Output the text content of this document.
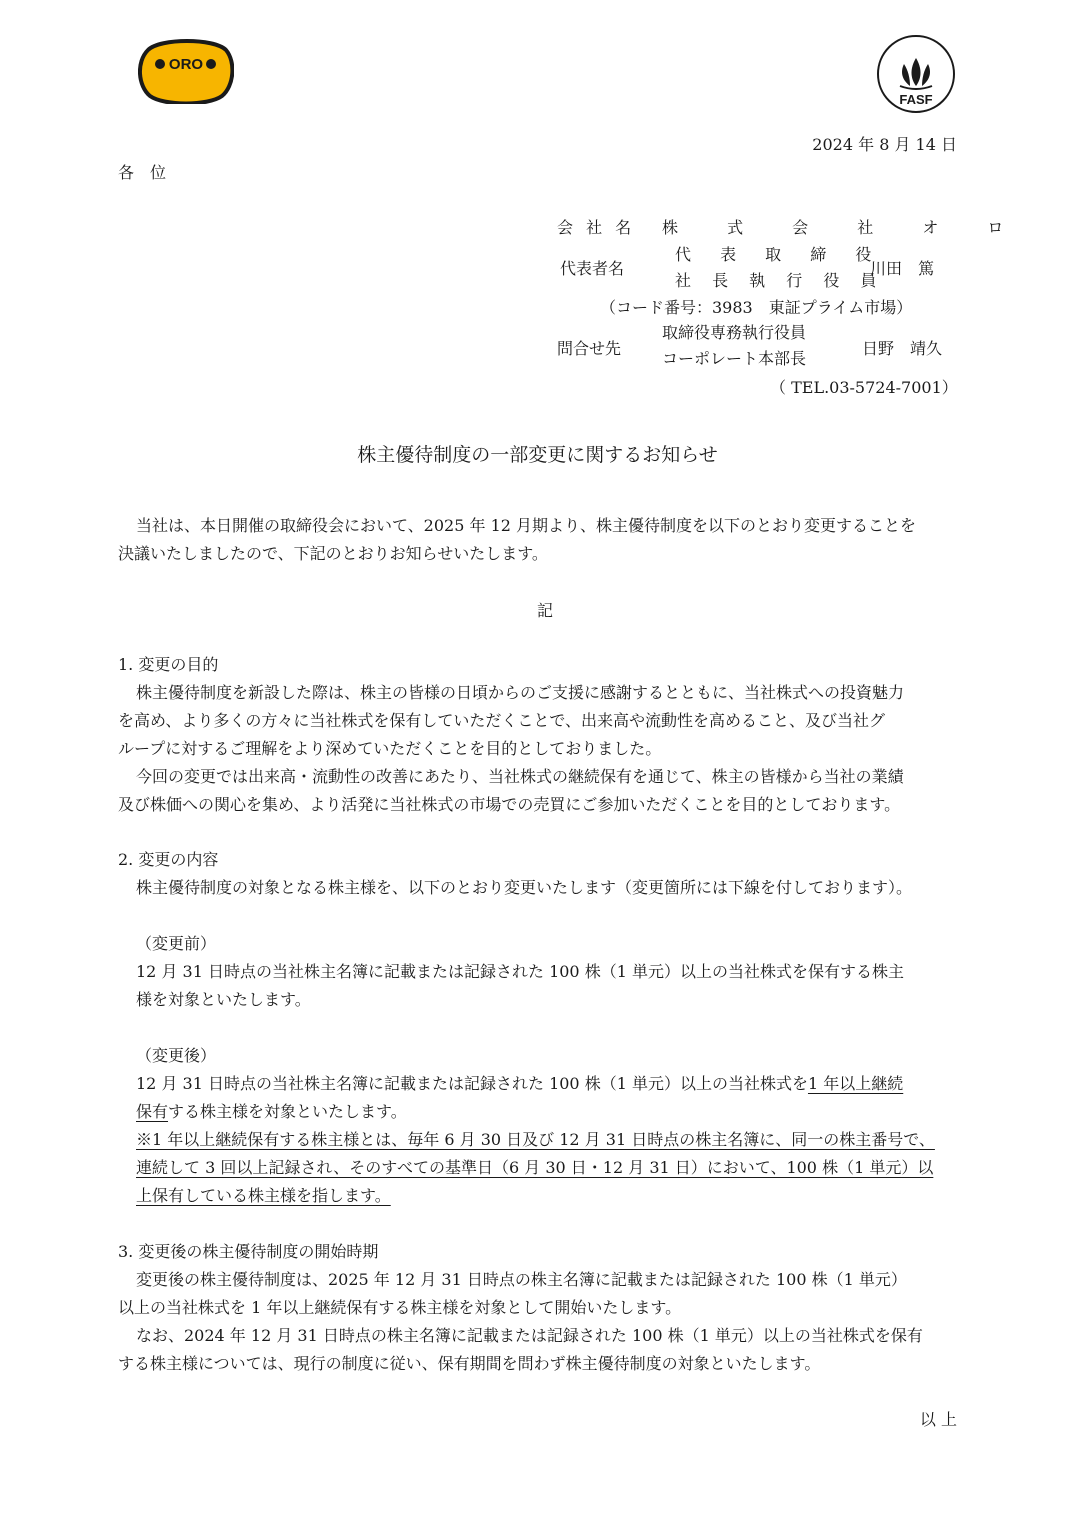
ORO
FASF
2024 年 8 月 14 日
各　位
会 社 名 株 式 会 社 オ ロ
代表者名
代 表 取 締 役
社 長 執 行 役 員
川田　篤
（コード番号：3983　東証プライム市場）
問合せ先
取締役専務執行役員
コーポレート本部長
日野　靖久
（ TEL.03-5724-7001）
株主優待制度の一部変更に関するお知らせ
当社は、本日開催の取締役会において、2025 年 12 月期より、株主優待制度を以下のとおり変更することを
決議いたしましたので、下記のとおりお知らせいたします。
記
1. 変更の目的
株主優待制度を新設した際は、株主の皆様の日頃からのご支援に感謝するとともに、当社株式への投資魅力
を高め、より多くの方々に当社株式を保有していただくことで、出来高や流動性を高めること、及び当社グ
ループに対するご理解をより深めていただくことを目的としておりました。
今回の変更では出来高・流動性の改善にあたり、当社株式の継続保有を通じて、株主の皆様から当社の業績
及び株価への関心を集め、より活発に当社株式の市場での売買にご参加いただくことを目的としております。
2. 変更の内容
株主優待制度の対象となる株主様を、以下のとおり変更いたします（変更箇所には下線を付しております）。
（変更前）
12 月 31 日時点の当社株主名簿に記載または記録された 100 株（1 単元）以上の当社株式を保有する株主
様を対象といたします。
（変更後）
12 月 31 日時点の当社株主名簿に記載または記録された 100 株（1 単元）以上の当社株式を1 年以上継続
保有する株主様を対象といたします。
※1 年以上継続保有する株主様とは、毎年 6 月 30 日及び 12 月 31 日時点の株主名簿に、同一の株主番号で、
連続して 3 回以上記録され、そのすべての基準日（6 月 30 日・12 月 31 日）において、100 株（1 単元）以
上保有している株主様を指します。
3. 変更後の株主優待制度の開始時期
変更後の株主優待制度は、2025 年 12 月 31 日時点の株主名簿に記載または記録された 100 株（1 単元）
以上の当社株式を 1 年以上継続保有する株主様を対象として開始いたします。
なお、2024 年 12 月 31 日時点の株主名簿に記載または記録された 100 株（1 単元）以上の当社株式を保有
する株主様については、現行の制度に従い、保有期間を問わず株主優待制度の対象といたします。
以 上
